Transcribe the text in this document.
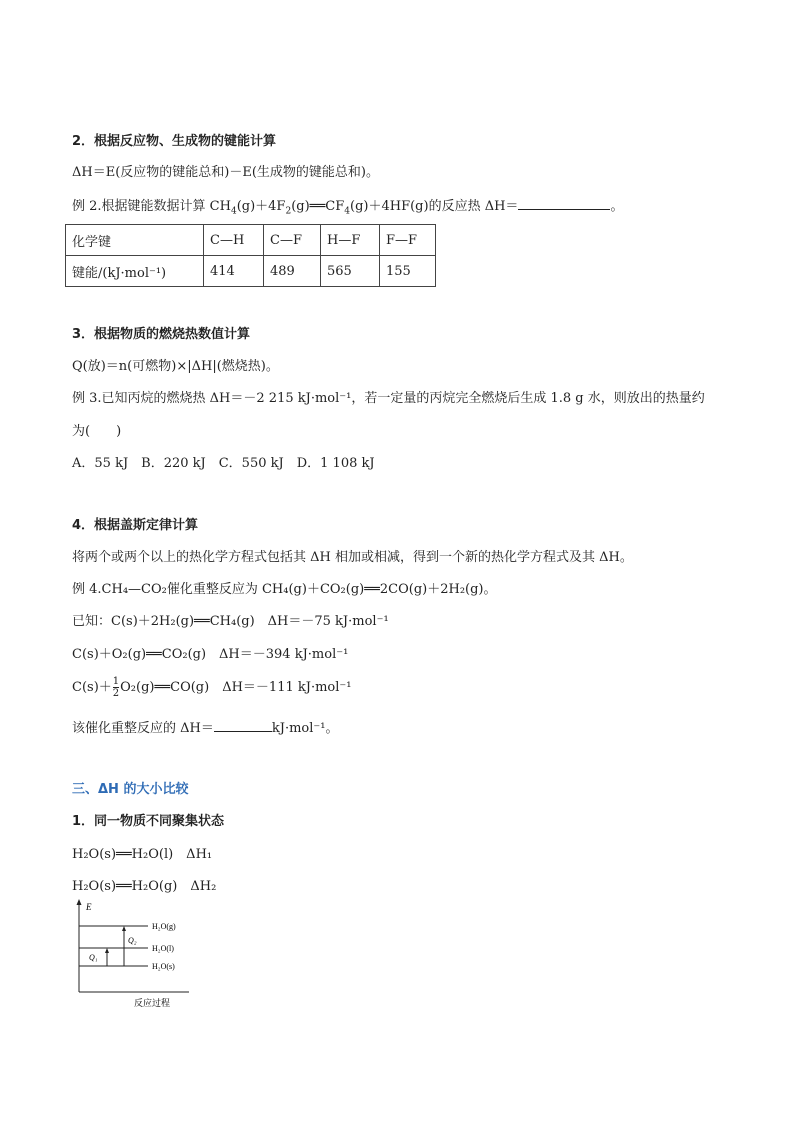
2．根据反应物、生成物的键能计算
ΔH＝E(反应物的键能总和)－E(生成物的键能总和)。
例 2.根据键能数据计算 $CH_4(g)+4F_2(g)══CF_4(g)+4HF(g)$的反应热 ΔH＝	。
化学键	C—H	C—F	H—F	F—F
键能/(kJ·mol⁻¹)	414	489	565	155
3．根据物质的燃烧热数值计算
Q(放)＝n(可燃物)×|ΔH|(燃烧热)。
例 3.已知丙烷的燃烧热 ΔH＝－2 215 kJ·mol⁻¹，若一定量的丙烷完全燃烧后生成 1.8 g 水，则放出的热量约
为(　　)
A．55 kJ　B．220 kJ　C．550 kJ　D．1 108 kJ
4．根据盖斯定律计算
将两个或两个以上的热化学方程式包括其 ΔH 相加或相减，得到一个新的热化学方程式及其 ΔH。
例 4.CH₄—CO₂催化重整反应为 CH₄(g)＋CO₂(g)══2CO(g)＋2H₂(g)。
已知：C(s)＋2H₂(g)══CH₄(g)　ΔH＝－75 kJ·mol⁻¹
C(s)＋O₂(g)══CO₂(g)　ΔH＝－394 kJ·mol⁻¹
$C(s)+ \frac{1}{2}$ O₂(g)══CO(g)　ΔH＝－111 kJ·mol⁻¹
该催化重整反应的 ΔH＝	kJ·mol⁻¹。
三、ΔH 的大小比较
1．同一物质不同聚集状态
H₂O(s)══H₂O(l)　ΔH₁
H₂O(s)══H₂O(g)　ΔH₂
E
反应过程
H₂O(g)
H₂O(l)
H₂O(s)
Q₁
Q₂
